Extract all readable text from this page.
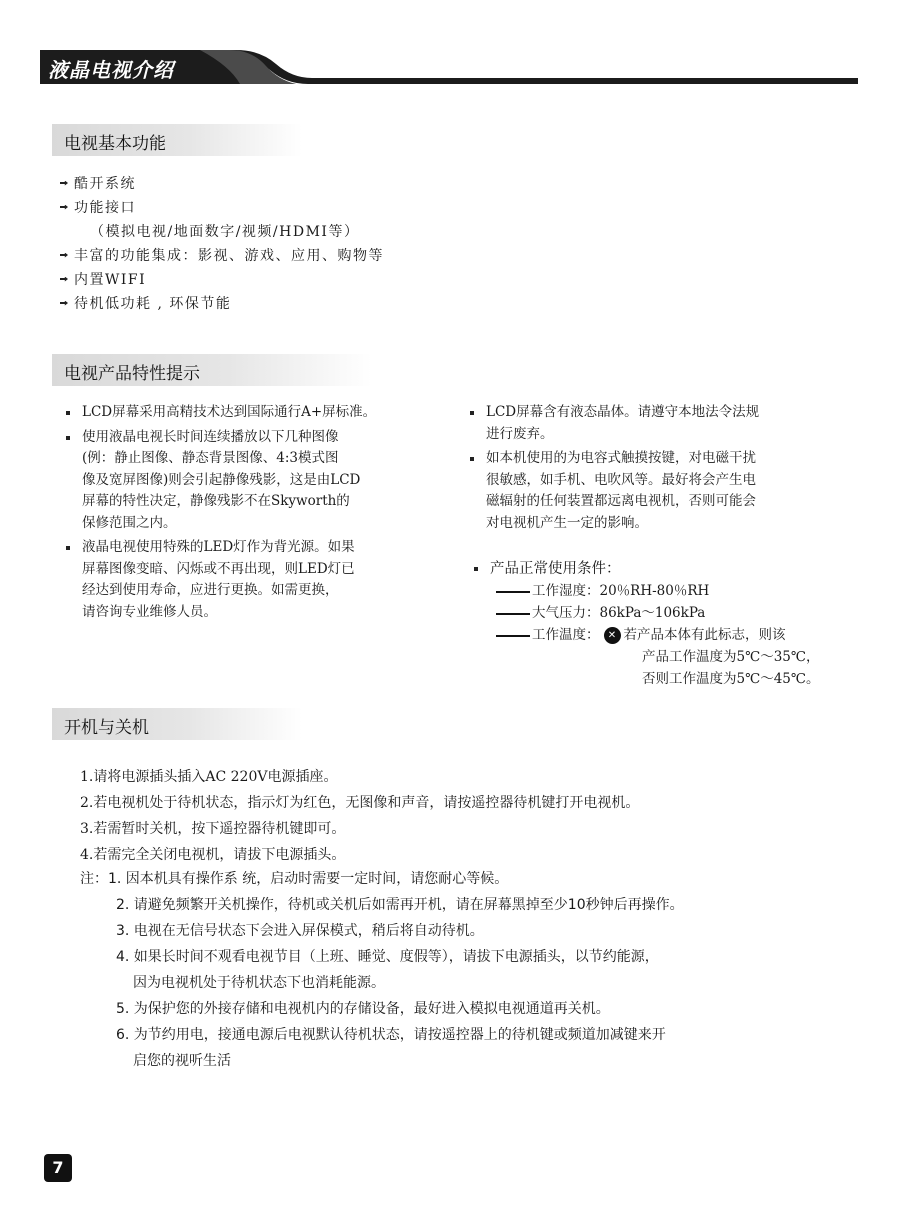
液晶电视介绍
电视基本功能
酷开系统
功能接口
（模拟电视/地面数字/视频/HDMI等）
丰富的功能集成：影视、游戏、应用、购物等
内置WIFI
待机低功耗 , 环保节能
电视产品特性提示
LCD屏幕采用高精技术达到国际通行A+屏标准。
使用液晶电视长时间连续播放以下几种图像
(例：静止图像、静态背景图像、4:3模式图
像及宽屏图像)则会引起静像残影，这是由LCD
屏幕的特性决定，静像残影不在Skyworth的
保修范围之内。
液晶电视使用特殊的LED灯作为背光源。如果
屏幕图像变暗、闪烁或不再出现，则LED灯已
经达到使用寿命，应进行更换。如需更换，
请咨询专业维修人员。
LCD屏幕含有液态晶体。请遵守本地法令法规
进行废弃。
如本机使用的为电容式触摸按键，对电磁干扰
很敏感，如手机、电吹风等。最好将会产生电
磁辐射的任何装置都远离电视机，否则可能会
对电视机产生一定的影响。
产品正常使用条件：
工作湿度：20％RH-80％RH
大气压力：86kPa～106kPa
工作温度： ✕ 若产品本体有此标志，则该
产品工作温度为5℃～35℃，
否则工作温度为5℃～45℃。
开机与关机
1.请将电源插头插入AC 220V电源插座。
2.若电视机处于待机状态，指示灯为红色，无图像和声音，请按遥控器待机键打开电视机。
3.若需暂时关机，按下遥控器待机键即可。
4.若需完全关闭电视机，请拔下电源插头。
注：1. 因本机具有操作系 统，启动时需要一定时间，请您耐心等候。
2. 请避免频繁开关机操作，待机或关机后如需再开机，请在屏幕黑掉至少10秒钟后再操作。
3. 电视在无信号状态下会进入屏保模式，稍后将自动待机。
4. 如果长时间不观看电视节目（上班、睡觉、度假等），请拔下电源插头，以节约能源，
因为电视机处于待机状态下也消耗能源。
5. 为保护您的外接存储和电视机内的存储设备，最好进入模拟电视通道再关机。
6. 为节约用电，接通电源后电视默认待机状态，请按遥控器上的待机键或频道加减键来开
启您的视听生活
7
